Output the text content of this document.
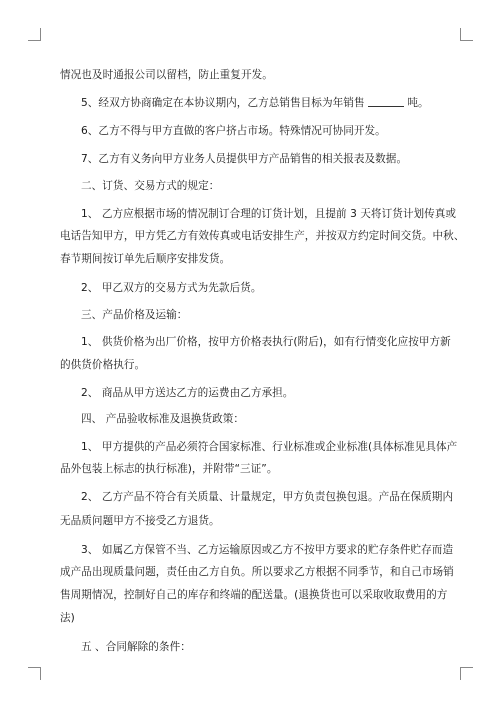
情况也及时通报公司以留档，防止重复开发。
5、经双方协商确定在本协议期内，乙方总销售目标为年销售	吨。
6、乙方不得与甲方直做的客户挤占市场。特殊情况可协同开发。
7、乙方有义务向甲方业务人员提供甲方产品销售的相关报表及数据。
二、订货、交易方式的规定：
1、 乙方应根据市场的情况制订合理的订货计划，且提前 3 天将订货计划传真或
电话告知甲方，甲方凭乙方有效传真或电话安排生产，并按双方约定时间交货。中秋、
春节期间按订单先后顺序安排发货。
2、 甲乙双方的交易方式为先款后货。
三、产品价格及运输：
1、 供货价格为出厂价格，按甲方价格表执行(附后)，如有行情变化应按甲方新
的供货价格执行。
2、 商品从甲方送达乙方的运费由乙方承担。
四、 产品验收标准及退换货政策：
1、 甲方提供的产品必须符合国家标准、行业标准或企业标准(具体标准见具体产
品外包装上标志的执行标准)，并附带“三证”。
2、 乙方产品不符合有关质量、计量规定，甲方负责包换包退。产品在保质期内
无品质问题甲方不接受乙方退货。
3、 如属乙方保管不当、乙方运输原因或乙方不按甲方要求的贮存条件贮存而造
成产品出现质量问题，责任由乙方自负。所以要求乙方根据不同季节，和自己市场销
售周期情况，控制好自己的库存和终端的配送量。(退换货也可以采取收取费用的方
法)
五 、合同解除的条件：
